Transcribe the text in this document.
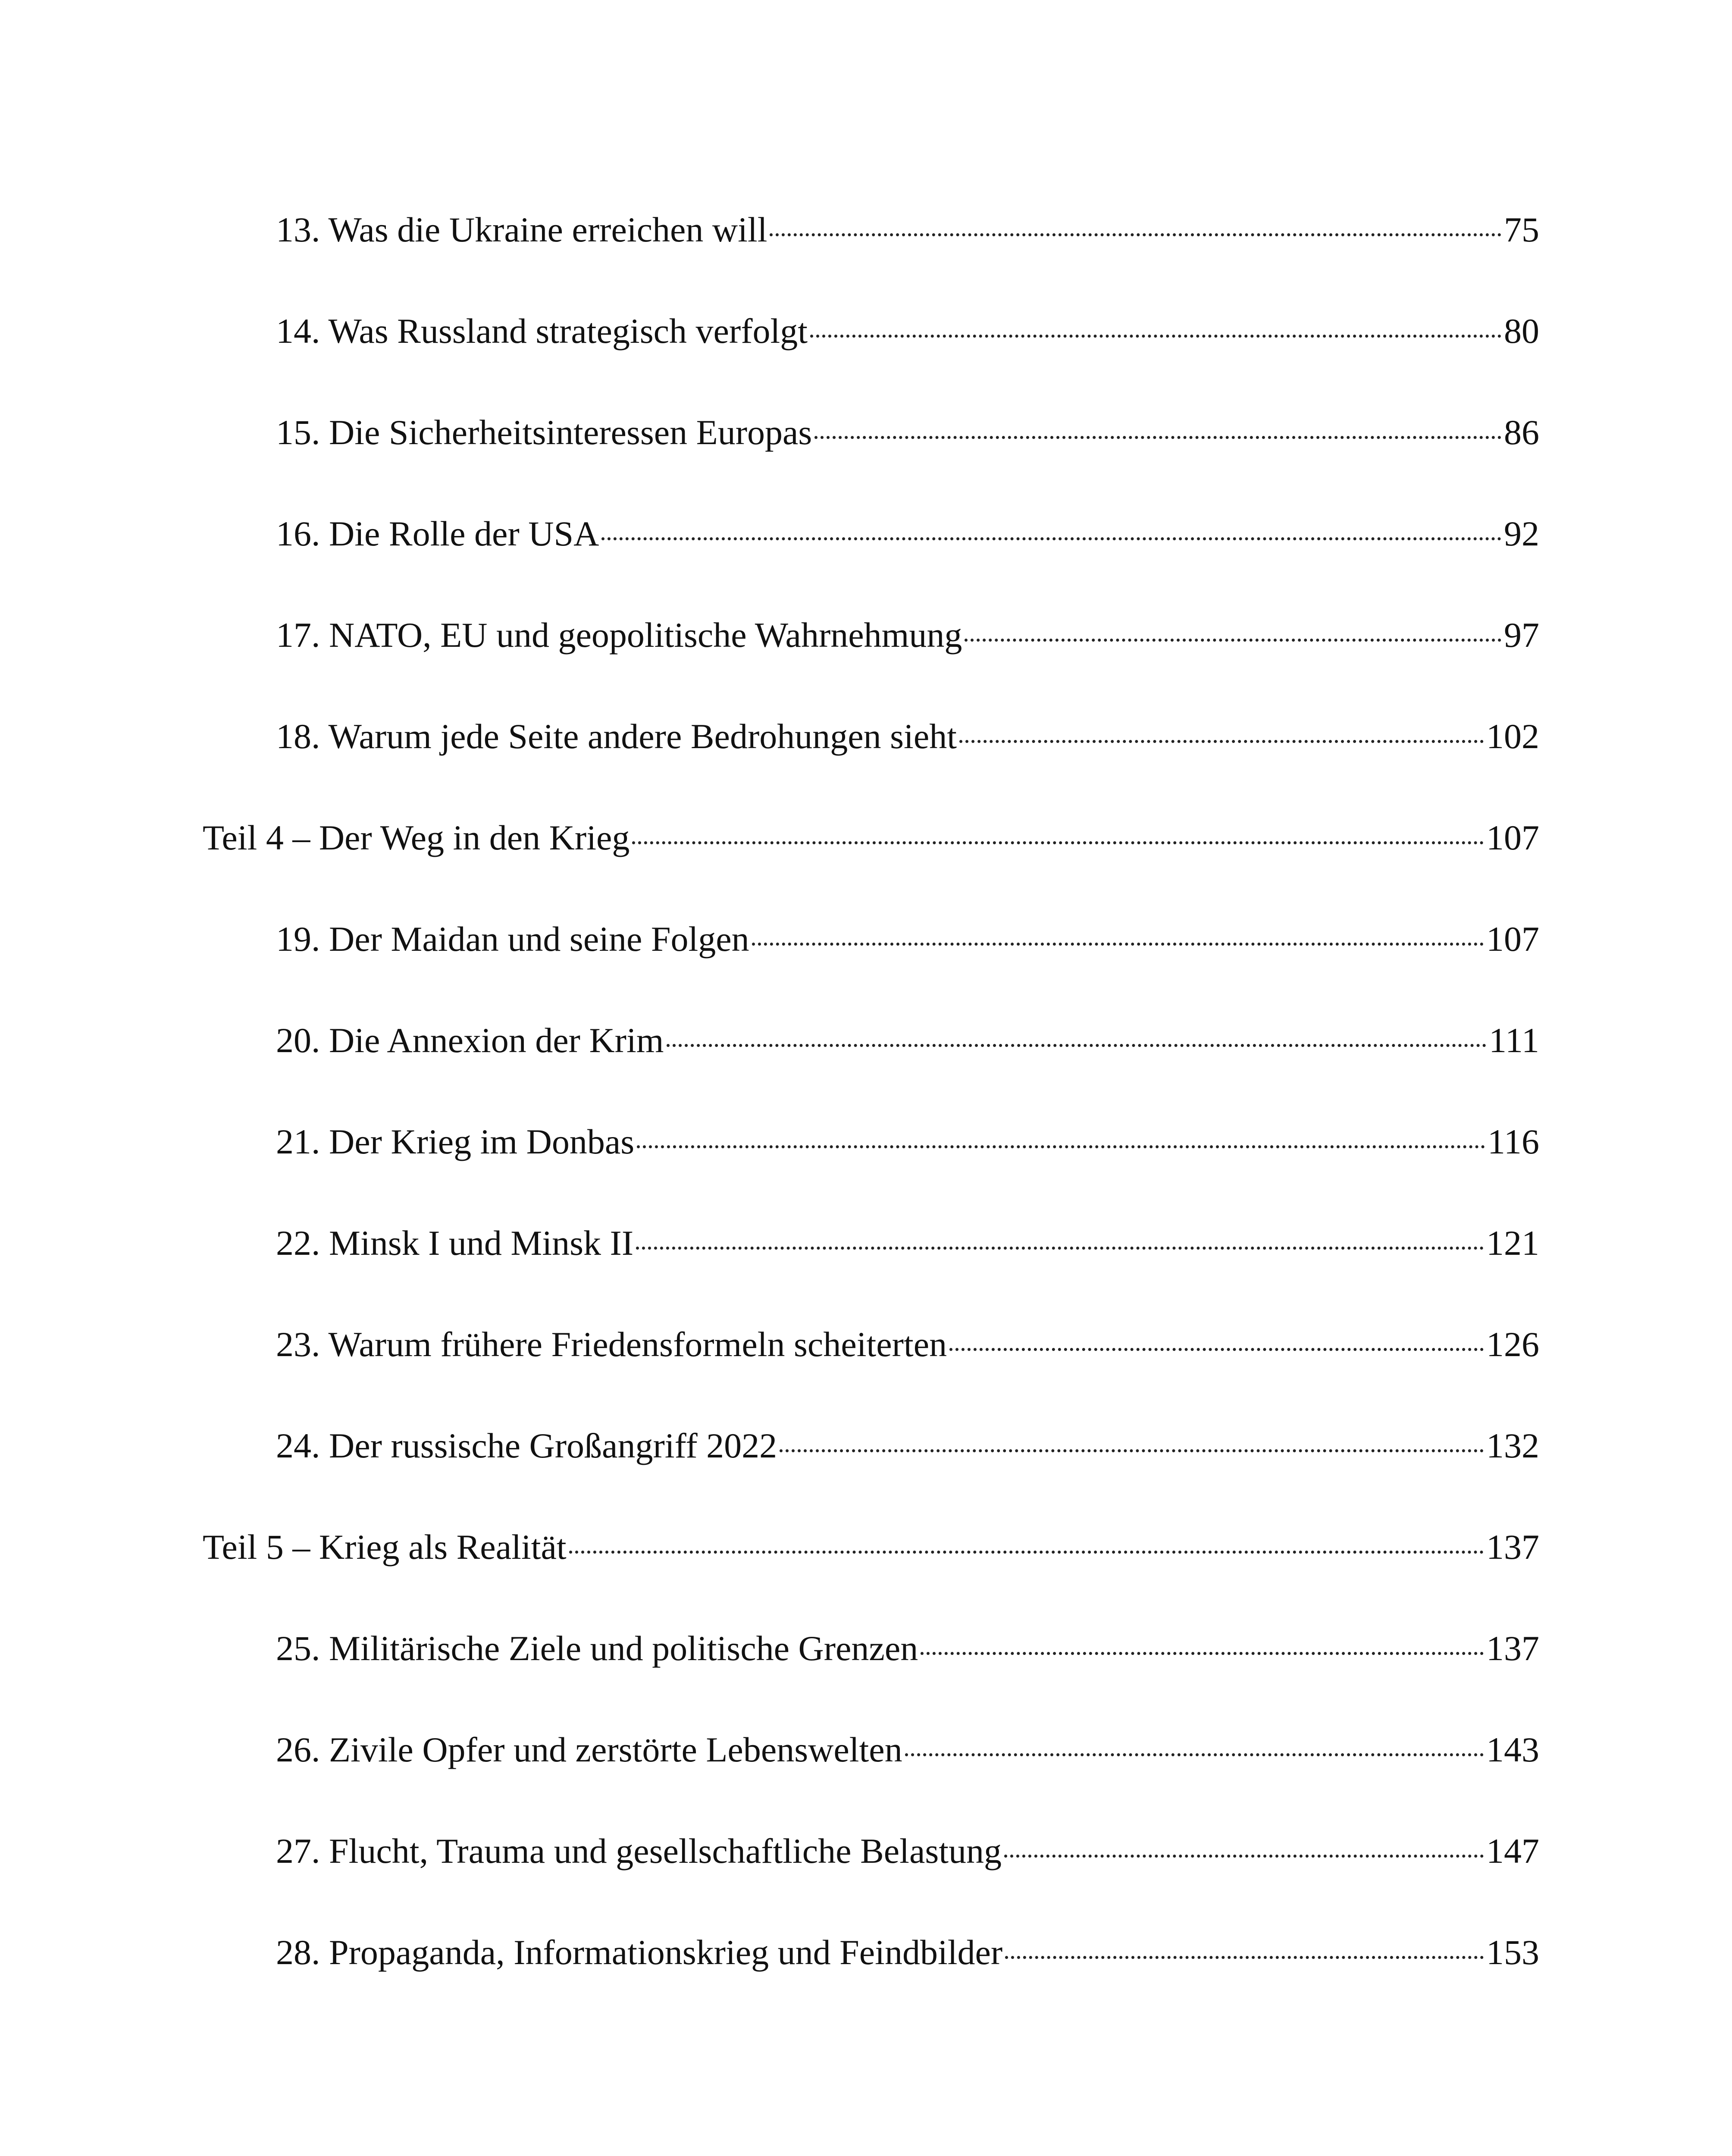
13. Was die Ukraine erreichen will	75
14. Was Russland strategisch verfolgt	80
15. Die Sicherheitsinteressen Europas	86
16. Die Rolle der USA	92
17. NATO, EU und geopolitische Wahrnehmung	97
18. Warum jede Seite andere Bedrohungen sieht	102
Teil 4 – Der Weg in den Krieg	107
19. Der Maidan und seine Folgen	107
20. Die Annexion der Krim	111
21. Der Krieg im Donbas	116
22. Minsk I und Minsk II	121
23. Warum frühere Friedensformeln scheiterten	126
24. Der russische Großangriff 2022	132
Teil 5 – Krieg als Realität	137
25. Militärische Ziele und politische Grenzen	137
26. Zivile Opfer und zerstörte Lebenswelten	143
27. Flucht, Trauma und gesellschaftliche Belastung	147
28. Propaganda, Informationskrieg und Feindbilder	153
